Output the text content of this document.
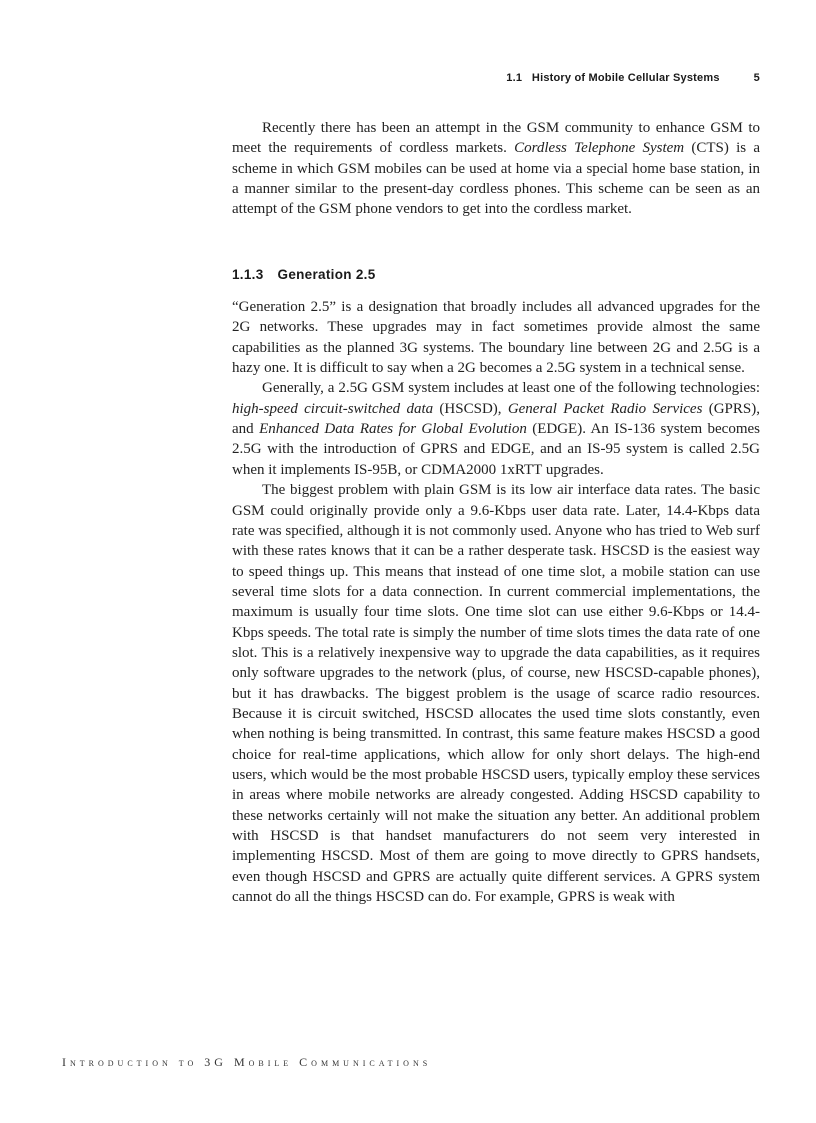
1.1   History of Mobile Cellular Systems	5

Recently there has been an attempt in the GSM community to enhance GSM to meet the requirements of cordless markets. Cordless Telephone System (CTS) is a scheme in which GSM mobiles can be used at home via a special home base station, in a manner similar to the present-day cordless phones. This scheme can be seen as an attempt of the GSM phone vendors to get into the cordless market.

1.1.3 Generation 2.5

“Generation 2.5” is a designation that broadly includes all advanced upgrades for the 2G networks. These upgrades may in fact sometimes provide almost the same capabilities as the planned 3G systems. The boundary line between 2G and 2.5G is a hazy one. It is difficult to say when a 2G becomes a 2.5G system in a technical sense.

Generally, a 2.5G GSM system includes at least one of the following technologies: high-speed circuit-switched data (HSCSD), General Packet Radio Services (GPRS), and Enhanced Data Rates for Global Evolution (EDGE). An IS-136 system becomes 2.5G with the introduction of GPRS and EDGE, and an IS-95 system is called 2.5G when it implements IS-95B, or CDMA2000 1xRTT upgrades.

The biggest problem with plain GSM is its low air interface data rates. The basic GSM could originally provide only a 9.6-Kbps user data rate. Later, 14.4-Kbps data rate was specified, although it is not commonly used. Anyone who has tried to Web surf with these rates knows that it can be a rather desperate task. HSCSD is the easiest way to speed things up. This means that instead of one time slot, a mobile station can use several time slots for a data connection. In current commercial implementations, the maximum is usually four time slots. One time slot can use either 9.6-Kbps or 14.4-Kbps speeds. The total rate is simply the number of time slots times the data rate of one slot. This is a relatively inexpensive way to upgrade the data capabilities, as it requires only software upgrades to the network (plus, of course, new HSCSD-capable phones), but it has drawbacks. The biggest problem is the usage of scarce radio resources. Because it is circuit switched, HSCSD allocates the used time slots constantly, even when nothing is being transmitted. In contrast, this same feature makes HSCSD a good choice for real-time applications, which allow for only short delays. The high-end users, which would be the most probable HSCSD users, typically employ these services in areas where mobile networks are already congested. Adding HSCSD capability to these networks certainly will not make the situation any better. An additional problem with HSCSD is that handset manufacturers do not seem very interested in implementing HSCSD. Most of them are going to move directly to GPRS handsets, even though HSCSD and GPRS are actually quite different services. A GPRS system cannot do all the things HSCSD can do. For example, GPRS is weak with

Introduction to 3G Mobile Communications
